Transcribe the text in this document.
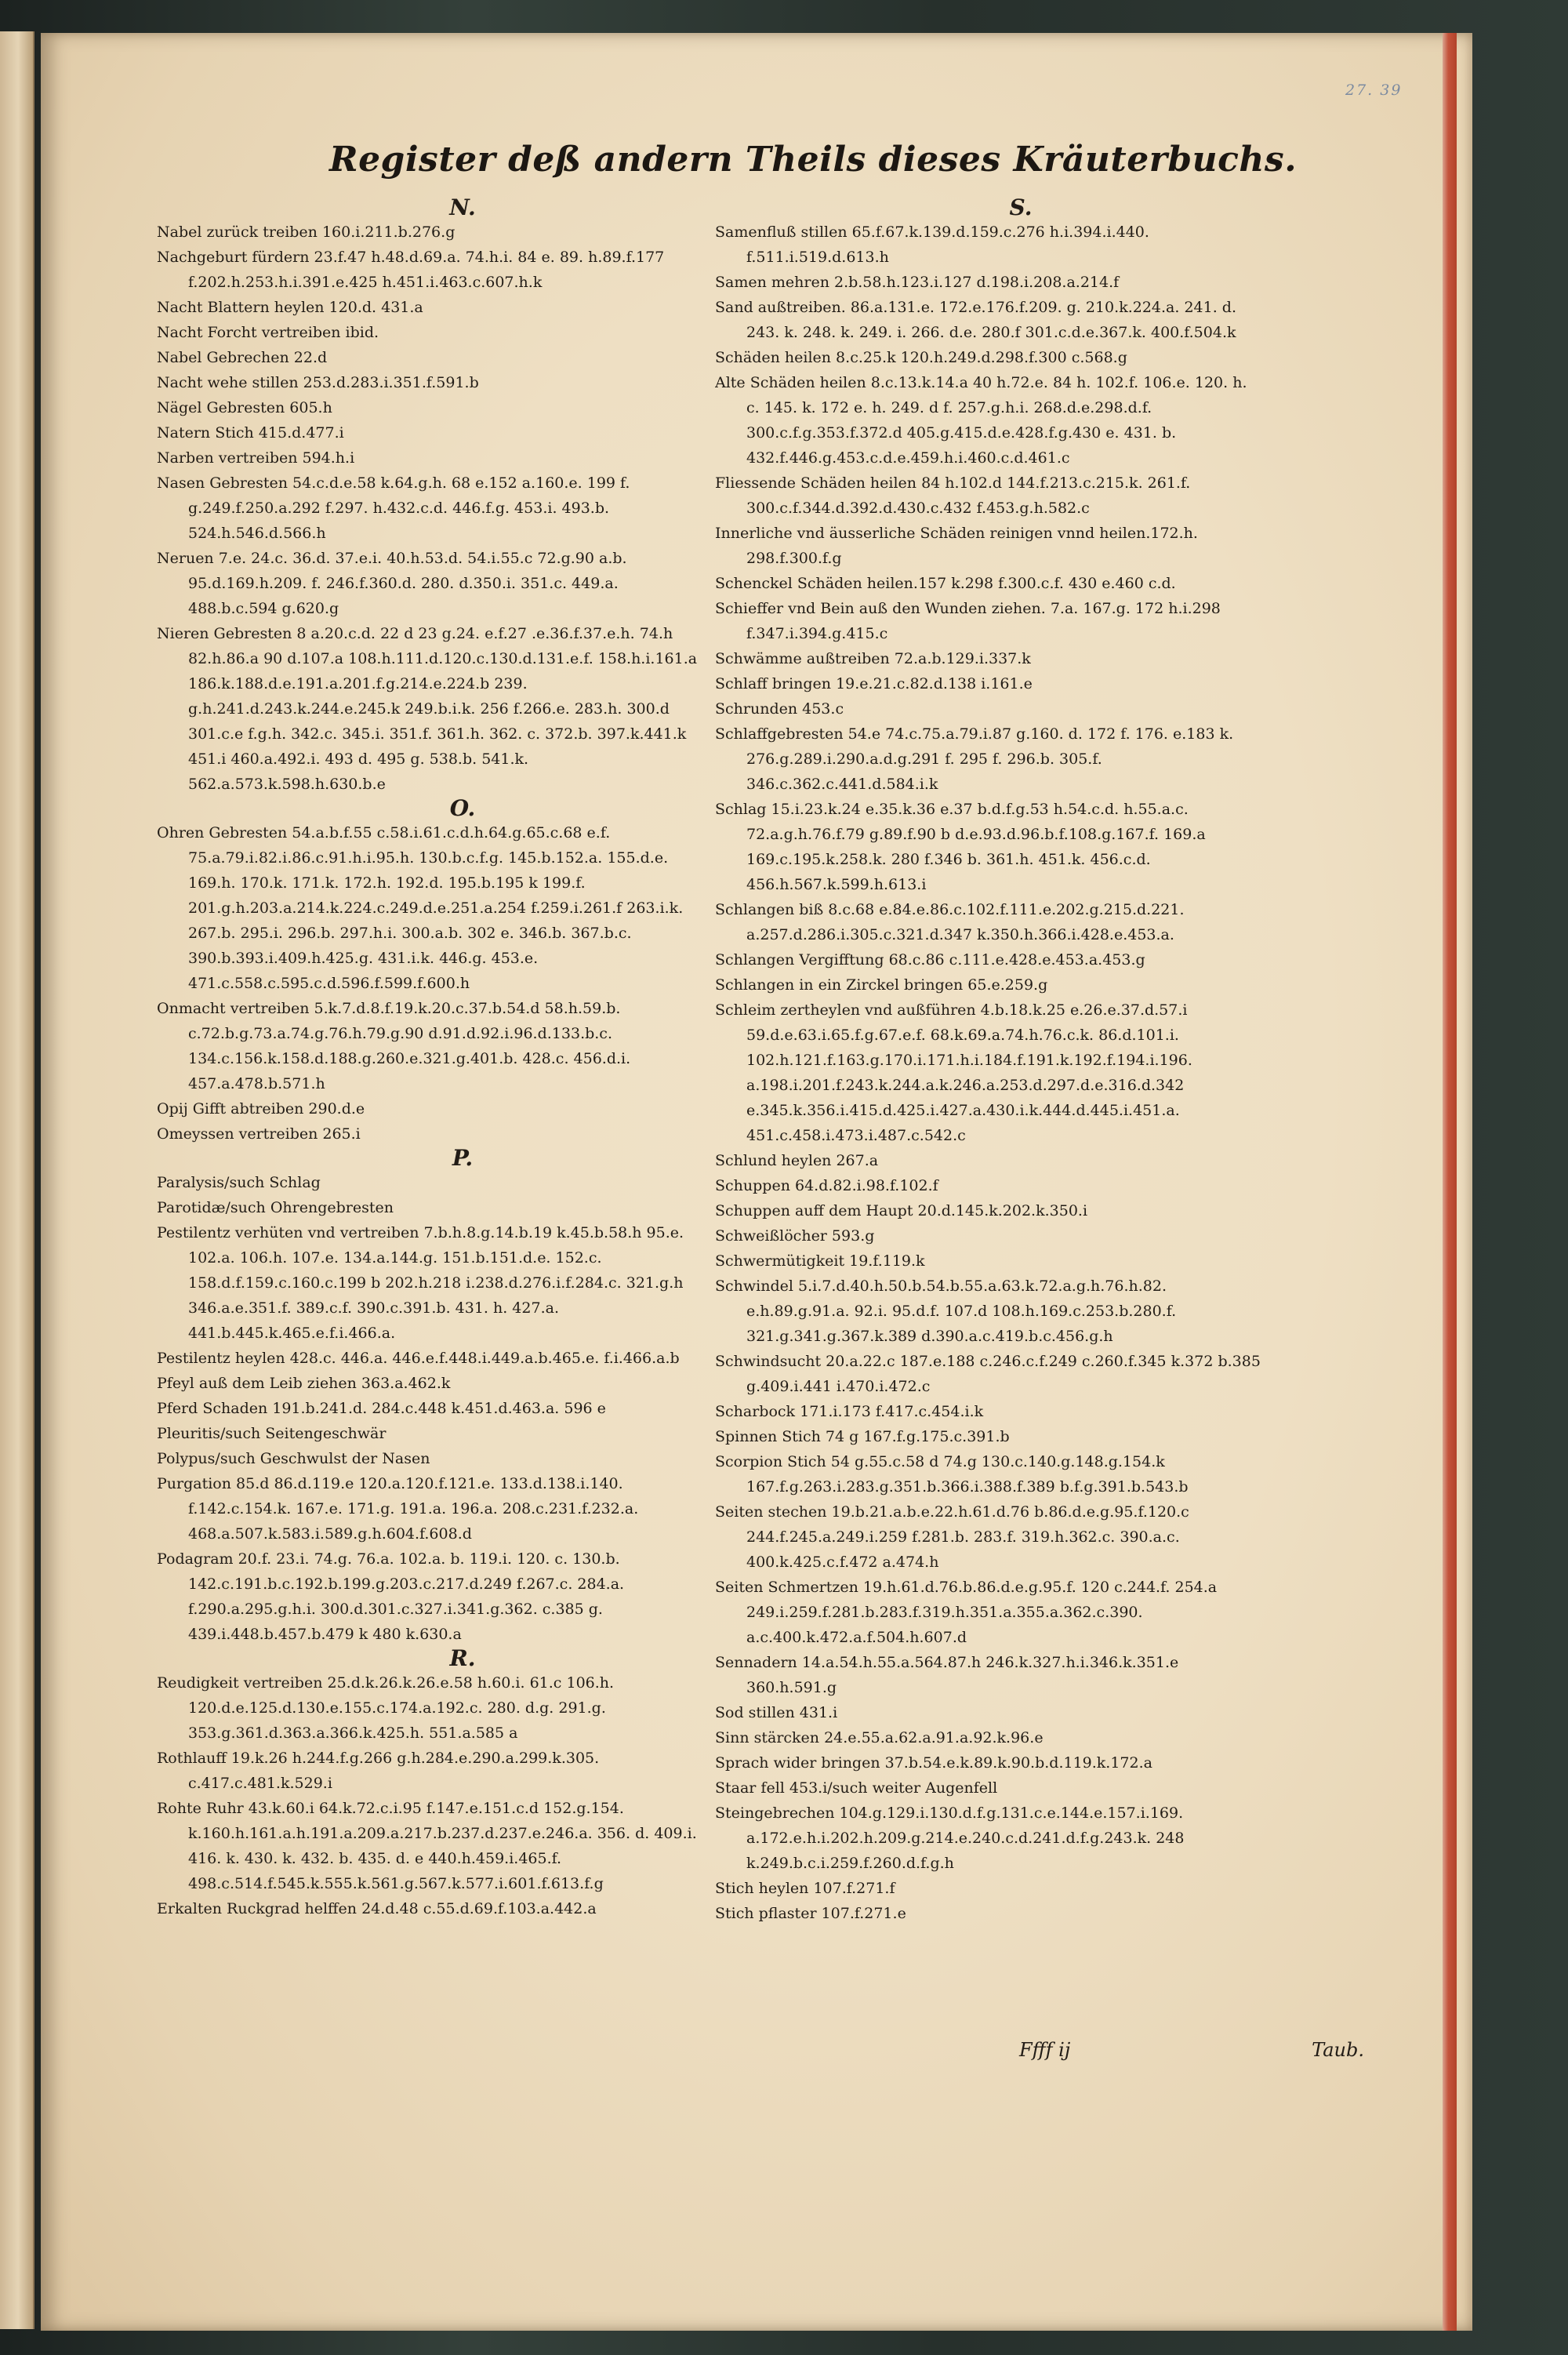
27. 39
Register deß andern Theils dieses Kräuterbuchs.
N.
Nabel zurück treiben 160.i.211.b.276.g
Nachgeburt fürdern 23.f.47 h.48.d.69.a. 74.h.i. 84 e. 89. h.89.f.177 f.202.h.253.h.i.391.e.425 h.451.i.463.c.607.h.k
Nacht Blattern heylen 120.d. 431.a
Nacht Forcht vertreiben ibid.
Nabel Gebrechen 22.d
Nacht wehe stillen 253.d.283.i.351.f.591.b
Nägel Gebresten 605.h
Natern Stich 415.d.477.i
Narben vertreiben 594.h.i
Nasen Gebresten 54.c.d.e.58 k.64.g.h. 68 e.152 a.160.e. 199 f. g.249.f.250.a.292 f.297. h.432.c.d. 446.f.g. 453.i. 493.b. 524.h.546.d.566.h
Neruen 7.e. 24.c. 36.d. 37.e.i. 40.h.53.d. 54.i.55.c 72.g.90 a.b. 95.d.169.h.209. f. 246.f.360.d. 280. d.350.i. 351.c. 449.a. 488.b.c.594 g.620.g
Nieren Gebresten 8 a.20.c.d. 22 d 23 g.24. e.f.27 .e.36.f.37.e.h. 74.h 82.h.86.a 90 d.107.a 108.h.111.d.120.c.130.d.131.e.f. 158.h.i.161.a 186.k.188.d.e.191.a.201.f.g.214.e.224.b 239. g.h.241.d.243.k.244.e.245.k 249.b.i.k. 256 f.266.e. 283.h. 300.d 301.c.e f.g.h. 342.c. 345.i. 351.f. 361.h. 362. c. 372.b. 397.k.441.k 451.i 460.a.492.i. 493 d. 495 g. 538.b. 541.k. 562.a.573.k.598.h.630.b.e
O.
Ohren Gebresten 54.a.b.f.55 c.58.i.61.c.d.h.64.g.65.c.68 e.f. 75.a.79.i.82.i.86.c.91.h.i.95.h. 130.b.c.f.g. 145.b.152.a. 155.d.e. 169.h. 170.k. 171.k. 172.h. 192.d. 195.b.195 k 199.f. 201.g.h.203.a.214.k.224.c.249.d.e.251.a.254 f.259.i.261.f 263.i.k. 267.b. 295.i. 296.b. 297.h.i. 300.a.b. 302 e. 346.b. 367.b.c. 390.b.393.i.409.h.425.g. 431.i.k. 446.g. 453.e. 471.c.558.c.595.c.d.596.f.599.f.600.h
Onmacht vertreiben 5.k.7.d.8.f.19.k.20.c.37.b.54.d 58.h.59.b. c.72.b.g.73.a.74.g.76.h.79.g.90 d.91.d.92.i.96.d.133.b.c. 134.c.156.k.158.d.188.g.260.e.321.g.401.b. 428.c. 456.d.i. 457.a.478.b.571.h
Opij Gifft abtreiben 290.d.e
Omeyssen vertreiben 265.i
P.
Paralysis/such Schlag
Parotidæ/such Ohrengebresten
Pestilentz verhüten vnd vertreiben 7.b.h.8.g.14.b.19 k.45.b.58.h 95.e. 102.a. 106.h. 107.e. 134.a.144.g. 151.b.151.d.e. 152.c. 158.d.f.159.c.160.c.199 b 202.h.218 i.238.d.276.i.f.284.c. 321.g.h 346.a.e.351.f. 389.c.f. 390.c.391.b. 431. h. 427.a. 441.b.445.k.465.e.f.i.466.a.
Pestilentz heylen 428.c. 446.a. 446.e.f.448.i.449.a.b.465.e. f.i.466.a.b
Pfeyl auß dem Leib ziehen 363.a.462.k
Pferd Schaden 191.b.241.d. 284.c.448 k.451.d.463.a. 596 e
Pleuritis/such Seitengeschwär
Polypus/such Geschwulst der Nasen
Purgation 85.d 86.d.119.e 120.a.120.f.121.e. 133.d.138.i.140. f.142.c.154.k. 167.e. 171.g. 191.a. 196.a. 208.c.231.f.232.a. 468.a.507.k.583.i.589.g.h.604.f.608.d
Podagram 20.f. 23.i. 74.g. 76.a. 102.a. b. 119.i. 120. c. 130.b. 142.c.191.b.c.192.b.199.g.203.c.217.d.249 f.267.c. 284.a. f.290.a.295.g.h.i. 300.d.301.c.327.i.341.g.362. c.385 g. 439.i.448.b.457.b.479 k 480 k.630.a
R.
Reudigkeit vertreiben 25.d.k.26.k.26.e.58 h.60.i. 61.c 106.h. 120.d.e.125.d.130.e.155.c.174.a.192.c. 280. d.g. 291.g. 353.g.361.d.363.a.366.k.425.h. 551.a.585 a
Rothlauff 19.k.26 h.244.f.g.266 g.h.284.e.290.a.299.k.305. c.417.c.481.k.529.i
Rohte Ruhr 43.k.60.i 64.k.72.c.i.95 f.147.e.151.c.d 152.g.154. k.160.h.161.a.h.191.a.209.a.217.b.237.d.237.e.246.a. 356. d. 409.i. 416. k. 430. k. 432. b. 435. d. e 440.h.459.i.465.f. 498.c.514.f.545.k.555.k.561.g.567.k.577.i.601.f.613.f.g
Erkalten Ruckgrad helffen 24.d.48 c.55.d.69.f.103.a.442.a
S.
Samenfluß stillen 65.f.67.k.139.d.159.c.276 h.i.394.i.440. f.511.i.519.d.613.h
Samen mehren 2.b.58.h.123.i.127 d.198.i.208.a.214.f
Sand außtreiben. 86.a.131.e. 172.e.176.f.209. g. 210.k.224.a. 241. d. 243. k. 248. k. 249. i. 266. d.e. 280.f 301.c.d.e.367.k. 400.f.504.k
Schäden heilen 8.c.25.k 120.h.249.d.298.f.300 c.568.g
Alte Schäden heilen 8.c.13.k.14.a 40 h.72.e. 84 h. 102.f. 106.e. 120. h. c. 145. k. 172 e. h. 249. d f. 257.g.h.i. 268.d.e.298.d.f. 300.c.f.g.353.f.372.d 405.g.415.d.e.428.f.g.430 e. 431. b. 432.f.446.g.453.c.d.e.459.h.i.460.c.d.461.c
Fliessende Schäden heilen 84 h.102.d 144.f.213.c.215.k. 261.f. 300.c.f.344.d.392.d.430.c.432 f.453.g.h.582.c
Innerliche vnd äusserliche Schäden reinigen vnnd heilen.172.h. 298.f.300.f.g
Schenckel Schäden heilen.157 k.298 f.300.c.f. 430 e.460 c.d.
Schieffer vnd Bein auß den Wunden ziehen. 7.a. 167.g. 172 h.i.298 f.347.i.394.g.415.c
Schwämme außtreiben 72.a.b.129.i.337.k
Schlaff bringen 19.e.21.c.82.d.138 i.161.e
Schrunden 453.c
Schlaffgebresten 54.e 74.c.75.a.79.i.87 g.160. d. 172 f. 176. e.183 k. 276.g.289.i.290.a.d.g.291 f. 295 f. 296.b. 305.f. 346.c.362.c.441.d.584.i.k
Schlag 15.i.23.k.24 e.35.k.36 e.37 b.d.f.g.53 h.54.c.d. h.55.a.c. 72.a.g.h.76.f.79 g.89.f.90 b d.e.93.d.96.b.f.108.g.167.f. 169.a 169.c.195.k.258.k. 280 f.346 b. 361.h. 451.k. 456.c.d. 456.h.567.k.599.h.613.i
Schlangen biß 8.c.68 e.84.e.86.c.102.f.111.e.202.g.215.d.221. a.257.d.286.i.305.c.321.d.347 k.350.h.366.i.428.e.453.a.
Schlangen Vergifftung 68.c.86 c.111.e.428.e.453.a.453.g
Schlangen in ein Zirckel bringen 65.e.259.g
Schleim zertheylen vnd außführen 4.b.18.k.25 e.26.e.37.d.57.i 59.d.e.63.i.65.f.g.67.e.f. 68.k.69.a.74.h.76.c.k. 86.d.101.i. 102.h.121.f.163.g.170.i.171.h.i.184.f.191.k.192.f.194.i.196. a.198.i.201.f.243.k.244.a.k.246.a.253.d.297.d.e.316.d.342 e.345.k.356.i.415.d.425.i.427.a.430.i.k.444.d.445.i.451.a. 451.c.458.i.473.i.487.c.542.c
Schlund heylen 267.a
Schuppen 64.d.82.i.98.f.102.f
Schuppen auff dem Haupt 20.d.145.k.202.k.350.i
Schweißlöcher 593.g
Schwermütigkeit 19.f.119.k
Schwindel 5.i.7.d.40.h.50.b.54.b.55.a.63.k.72.a.g.h.76.h.82. e.h.89.g.91.a. 92.i. 95.d.f. 107.d 108.h.169.c.253.b.280.f. 321.g.341.g.367.k.389 d.390.a.c.419.b.c.456.g.h
Schwindsucht 20.a.22.c 187.e.188 c.246.c.f.249 c.260.f.345 k.372 b.385 g.409.i.441 i.470.i.472.c
Scharbock 171.i.173 f.417.c.454.i.k
Spinnen Stich 74 g 167.f.g.175.c.391.b
Scorpion Stich 54 g.55.c.58 d 74.g 130.c.140.g.148.g.154.k 167.f.g.263.i.283.g.351.b.366.i.388.f.389 b.f.g.391.b.543.b
Seiten stechen 19.b.21.a.b.e.22.h.61.d.76 b.86.d.e.g.95.f.120.c 244.f.245.a.249.i.259 f.281.b. 283.f. 319.h.362.c. 390.a.c. 400.k.425.c.f.472 a.474.h
Seiten Schmertzen 19.h.61.d.76.b.86.d.e.g.95.f. 120 c.244.f. 254.a 249.i.259.f.281.b.283.f.319.h.351.a.355.a.362.c.390. a.c.400.k.472.a.f.504.h.607.d
Sennadern 14.a.54.h.55.a.564.87.h 246.k.327.h.i.346.k.351.e 360.h.591.g
Sod stillen 431.i
Sinn stärcken 24.e.55.a.62.a.91.a.92.k.96.e
Sprach wider bringen 37.b.54.e.k.89.k.90.b.d.119.k.172.a
Staar fell 453.i/such weiter Augenfell
Steingebrechen 104.g.129.i.130.d.f.g.131.c.e.144.e.157.i.169. a.172.e.h.i.202.h.209.g.214.e.240.c.d.241.d.f.g.243.k. 248 k.249.b.c.i.259.f.260.d.f.g.h
Stich heylen 107.f.271.f
Stich pflaster 107.f.271.e
Ffff ij	Taub.
